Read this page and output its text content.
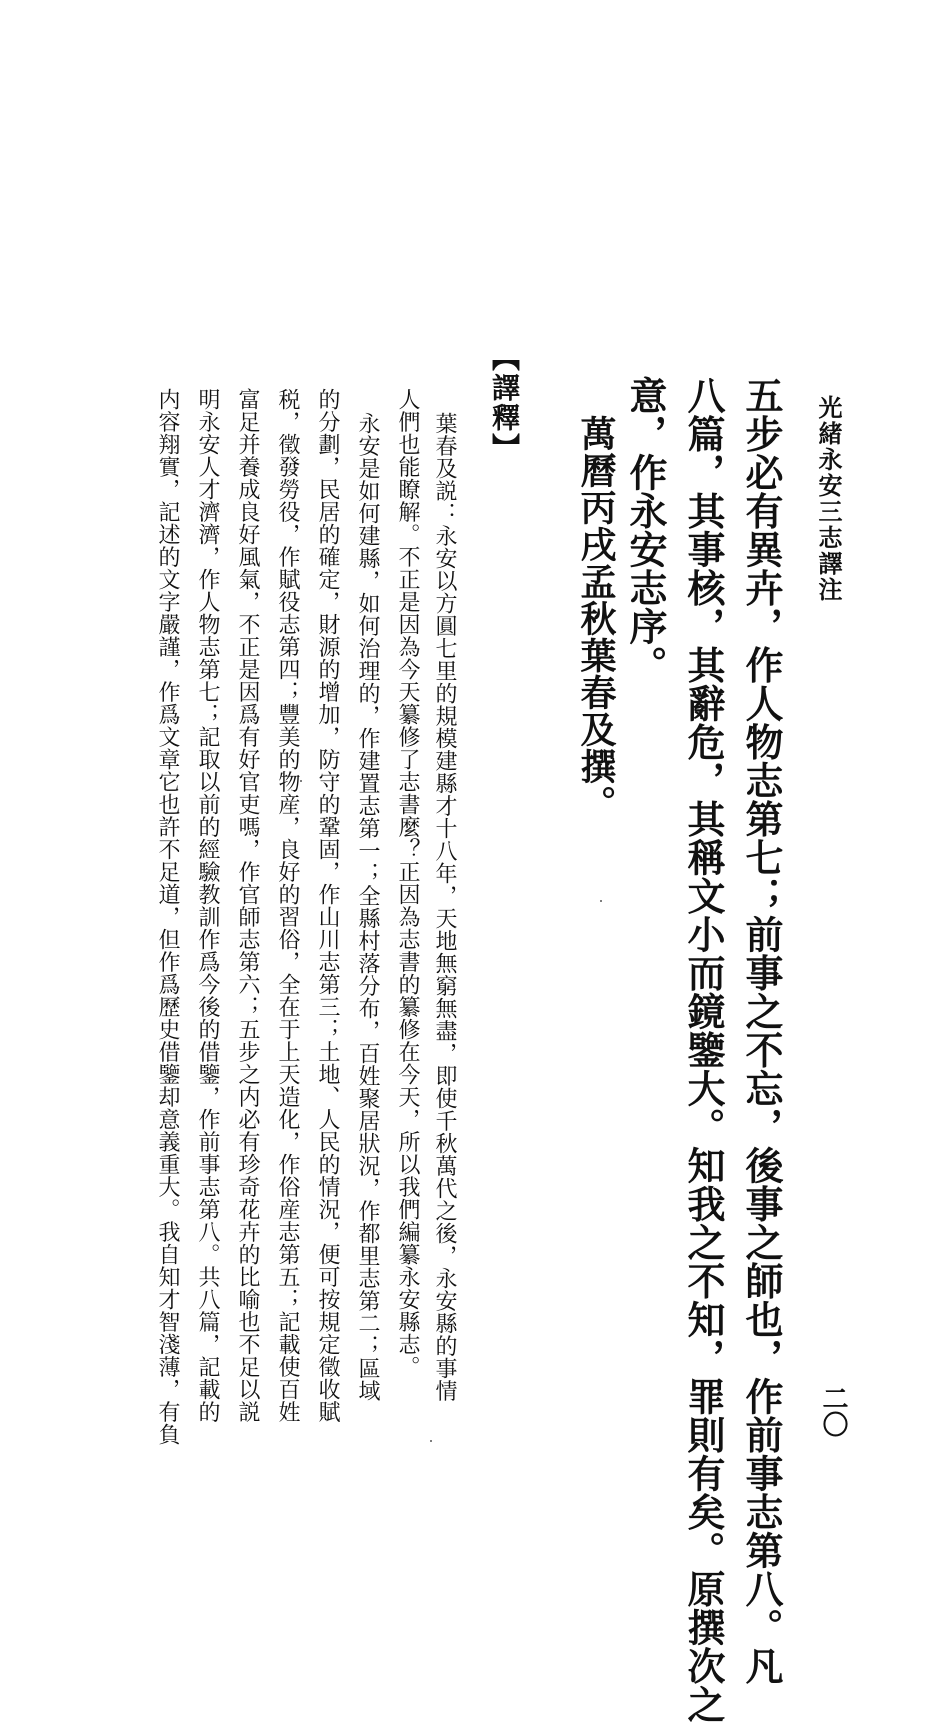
光緒永安三志譯注
二〇
五步必有異卉，作人物志第七；前事之不忘，後事之師也，作前事志第八。凡
八篇，其事核，其辭危，其稱文小而鏡鑒大。知我之不知，罪則有矣。原撰次之
意，作永安志序。
萬曆丙戌孟秋葉春及撰。
【譯釋】
葉春及説：永安以方圓七里的規模建縣才十八年，天地無窮無盡，即使千秋萬代之後，永安縣的事情
人們也能瞭解。不正是因為今天纂修了志書麼？正因為志書的纂修在今天，所以我們編纂永安縣志。
永安是如何建縣，如何治理的，作建置志第一；全縣村落分布，百姓聚居狀況，作都里志第二；區域
的分劃，民居的確定，財源的增加，防守的鞏固，作山川志第三；土地、人民的情況，便可按規定徵收賦
税，徵發勞役，作賦役志第四；豐美的物産，良好的習俗，全在于上天造化，作俗産志第五；記載使百姓
富足并養成良好風氣，不正是因爲有好官吏嗎，作官師志第六；五步之内必有珍奇花卉的比喻也不足以説
明永安人才濟濟，作人物志第七；記取以前的經驗教訓作爲今後的借鑒，作前事志第八。共八篇，記載的
内容翔實，記述的文字嚴謹，作爲文章它也許不足道，但作爲歷史借鑒却意義重大。我自知才智淺薄，有負
